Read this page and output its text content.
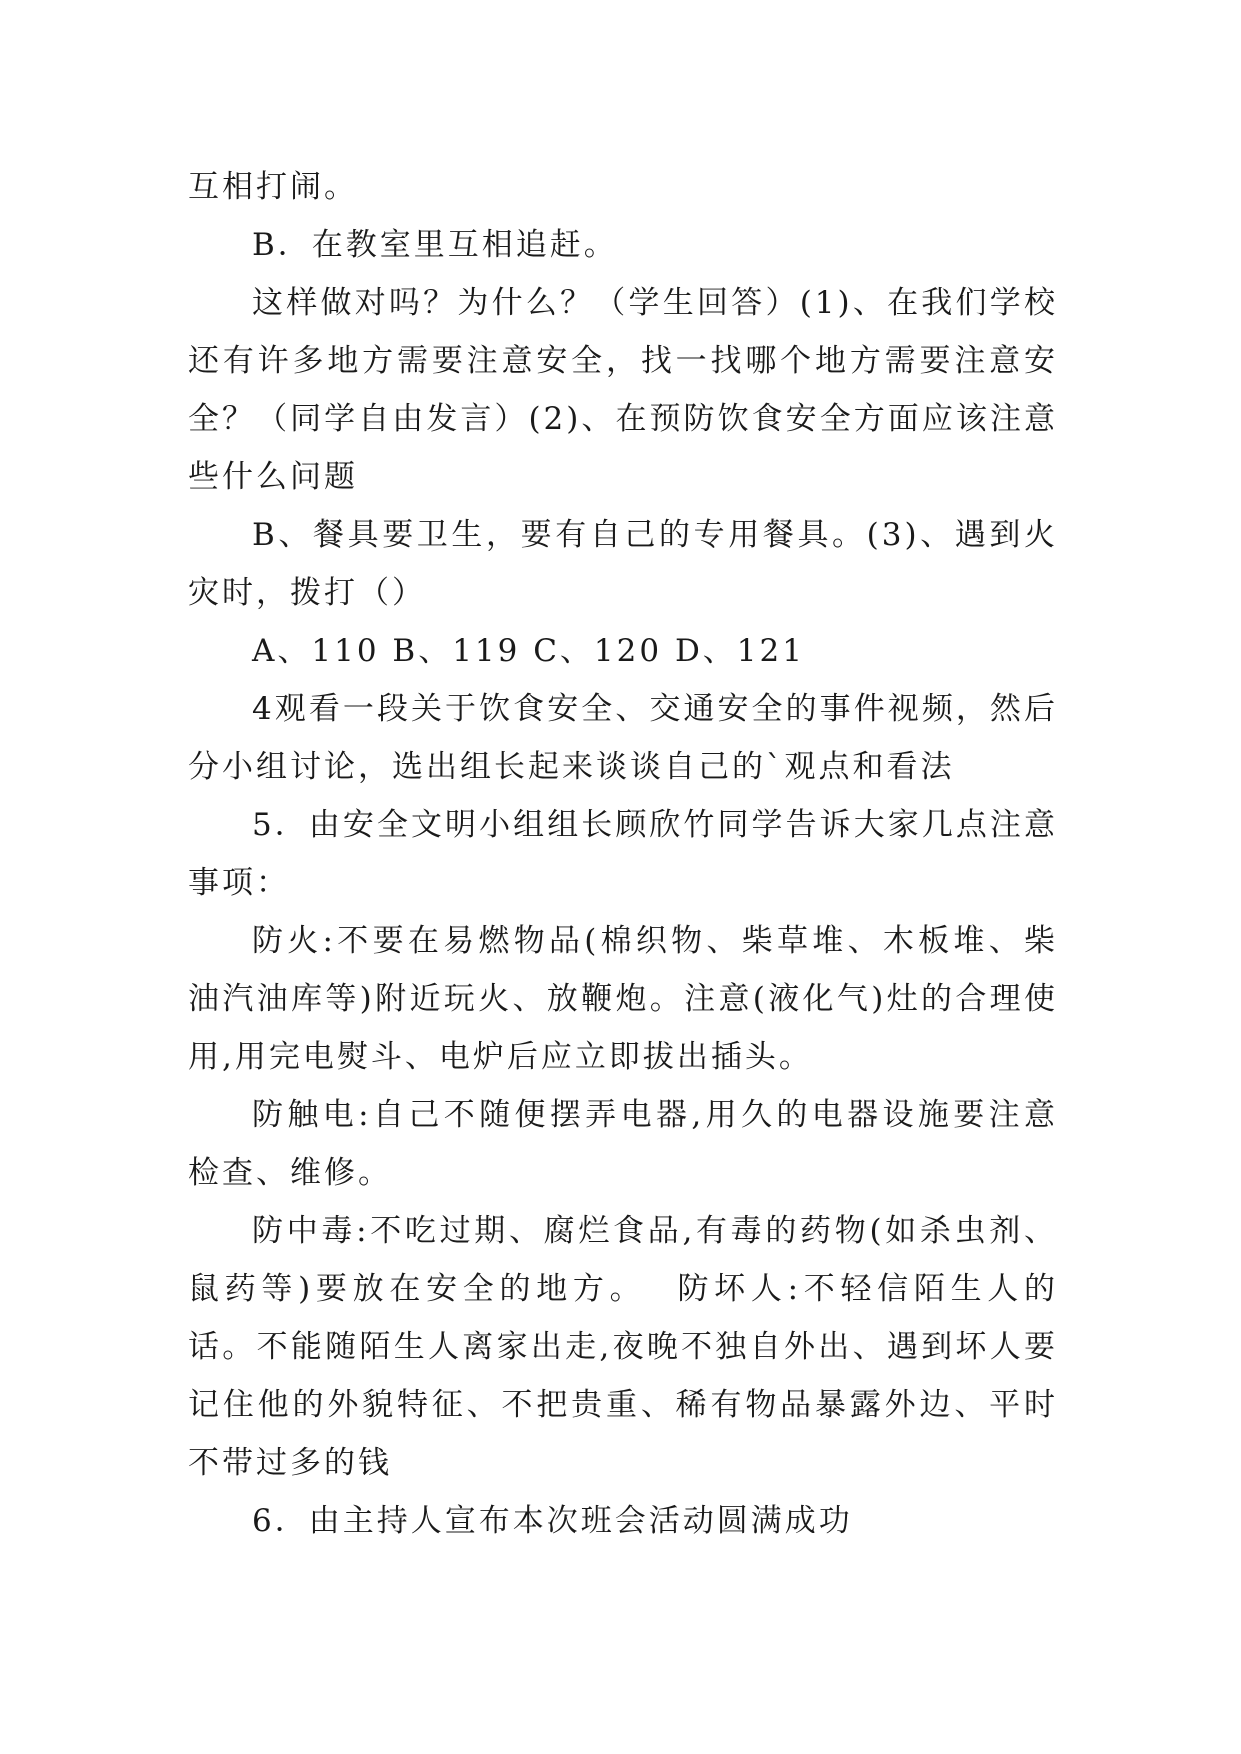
互相打闹。

B．在教室里互相追赶。

这样做对吗？为什么？（学生回答）(1)、在我们学校还有许多地方需要注意安全，找一找哪个地方需要注意安全？（同学自由发言）(2)、在预防饮食安全方面应该注意些什么问题

B、餐具要卫生，要有自己的专用餐具。(3)、遇到火灾时，拨打（）

A、110 B、119 C、120 D、121

4观看一段关于饮食安全、交通安全的事件视频，然后分小组讨论，选出组长起来谈谈自己的`观点和看法

5．由安全文明小组组长顾欣竹同学告诉大家几点注意事项：

防火:不要在易燃物品(棉织物、柴草堆、木板堆、柴油汽油库等)附近玩火、放鞭炮。注意(液化气)灶的合理使用,用完电熨斗、电炉后应立即拔出插头。

防触电:自己不随便摆弄电器,用久的电器设施要注意检查、维修。

防中毒:不吃过期、腐烂食品,有毒的药物(如杀虫剂、鼠药等)要放在安全的地方。  防坏人:不轻信陌生人的话。不能随陌生人离家出走,夜晚不独自外出、遇到坏人要记住他的外貌特征、不把贵重、稀有物品暴露外边、平时不带过多的钱

6．由主持人宣布本次班会活动圆满成功
